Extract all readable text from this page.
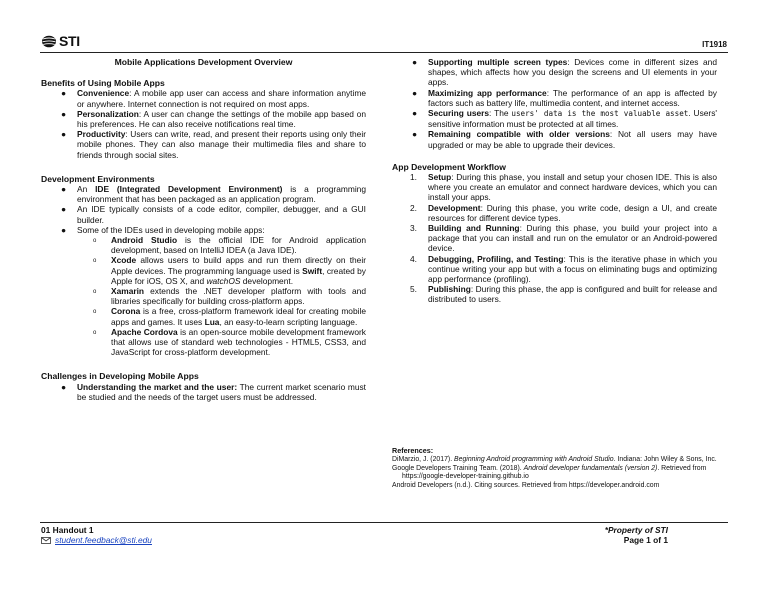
STI	IT1918
Mobile Applications Development Overview
Benefits of Using Mobile Apps
● Convenience: A mobile app user can access and share information anytime or anywhere. Internet connection is not required on most apps.
● Personalization: A user can change the settings of the mobile app based on his preferences. He can also receive notifications real time.
● Productivity: Users can write, read, and present their reports using only their mobile phones. They can also manage their multimedia files and share to friends through social sites.
Development Environments
● An IDE (Integrated Development Environment) is a programming environment that has been packaged as an application program.
● An IDE typically consists of a code editor, compiler, debugger, and a GUI builder.
● Some of the IDEs used in developing mobile apps:
o Android Studio is the official IDE for Android application development, based on IntelliJ IDEA (a Java IDE).
o Xcode allows users to build apps and run them directly on their Apple devices. The programming language used is Swift, created by Apple for iOS, OS X, and watchOS development.
o Xamarin extends the .NET developer platform with tools and libraries specifically for building cross-platform apps.
o Corona is a free, cross-platform framework ideal for creating mobile apps and games. It uses Lua, an easy-to-learn scripting language.
o Apache Cordova is an open-source mobile development framework that allows use of standard web technologies - HTML5, CSS3, and JavaScript for cross-platform development.
Challenges in Developing Mobile Apps
● Understanding the market and the user: The current market scenario must be studied and the needs of the target users must be addressed.
● Supporting multiple screen types: Devices come in different sizes and shapes, which affects how you design the screens and UI elements in your apps.
● Maximizing app performance: The performance of an app is affected by factors such as battery life, multimedia content, and internet access.
● Securing users: The users' data is the most valuable asset. Users' sensitive information must be protected at all times.
● Remaining compatible with older versions: Not all users may have upgraded or may be able to upgrade their devices.
App Development Workflow
1. Setup: During this phase, you install and setup your chosen IDE. This is also where you create an emulator and connect hardware devices, which you can install your apps.
2. Development: During this phase, you write code, design a UI, and create resources for different device types.
3. Building and Running: During this phase, you build your project into a package that you can install and run on the emulator or an Android-powered device.
4. Debugging, Profiling, and Testing: This is the iterative phase in which you continue writing your app but with a focus on eliminating bugs and optimizing app performance (profiling).
5. Publishing: During this phase, the app is configured and built for release and distributed to users.
References:

DiMarzio, J. (2017). Beginning Android programming with Android Studio. Indiana: John Wiley & Sons, Inc.

Google Developers Training Team. (2018). Android developer fundamentals (version 2). Retrieved from https://google-developer-training.github.io

Android Developers (n.d.). Citing sources. Retrieved from https://developer.android.com

01 Handout 1
student.feedback@sti.edu
*Property of STI
Page 1 of 1
